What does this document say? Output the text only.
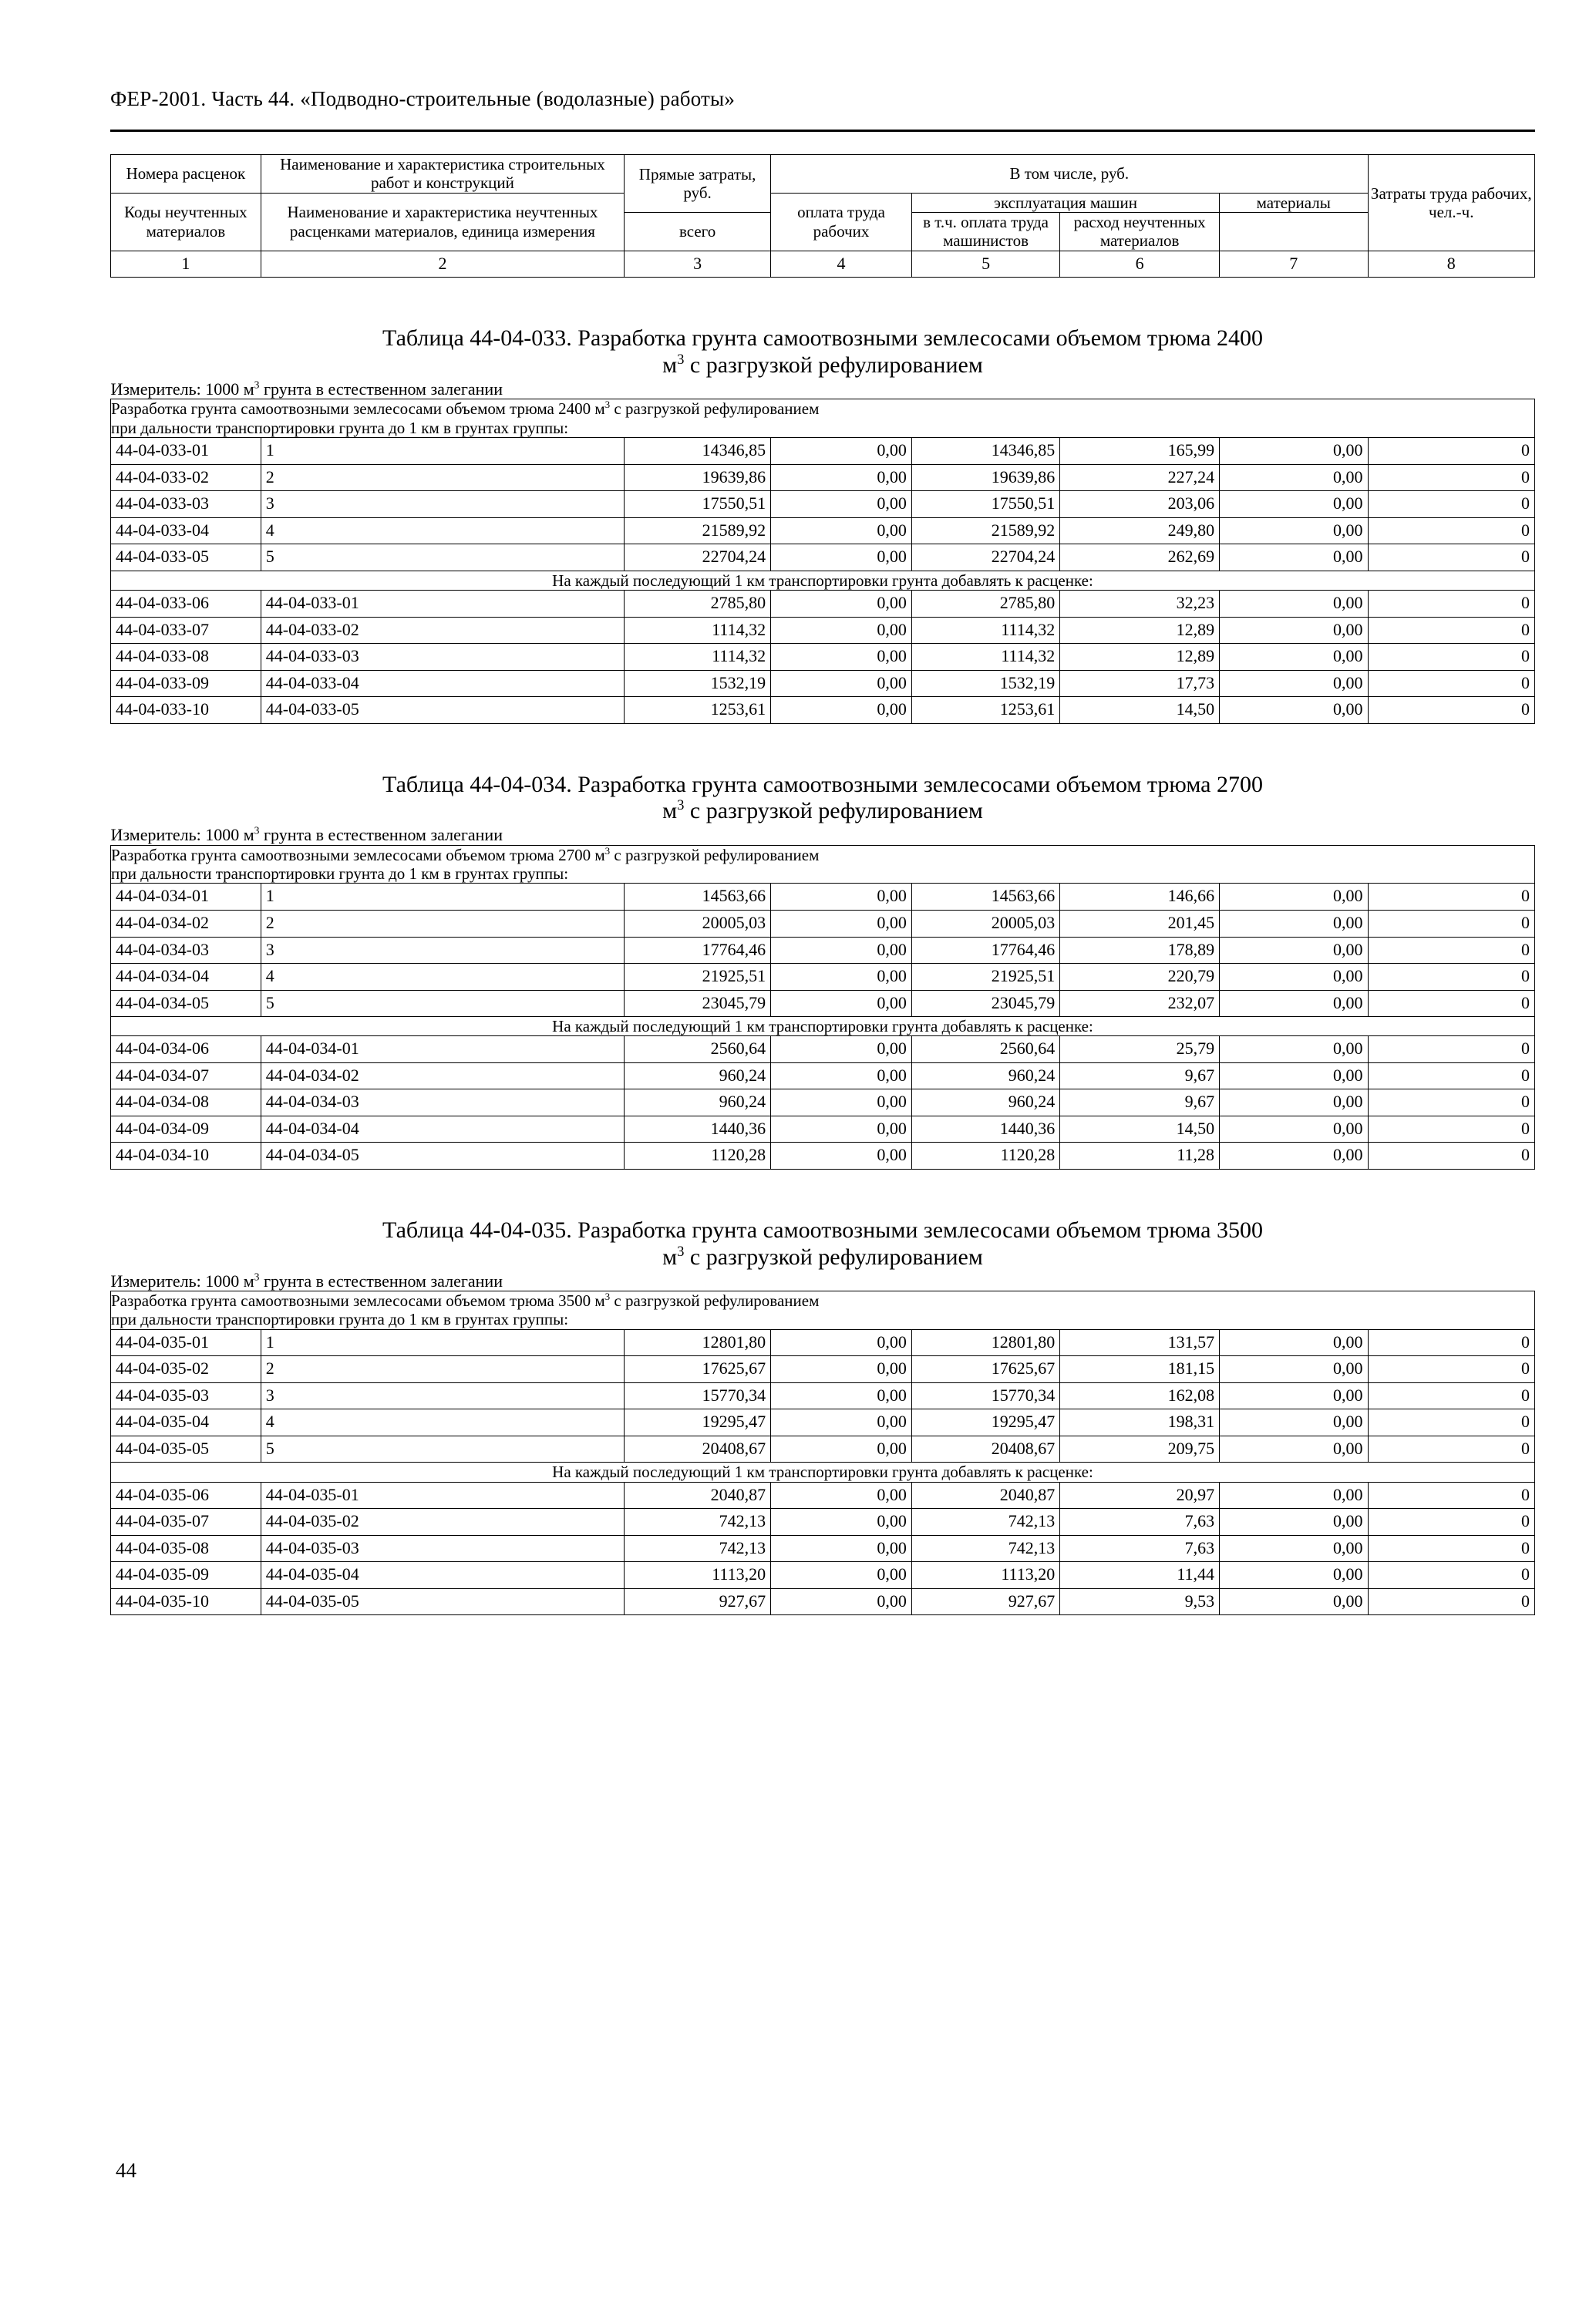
ФЕР-2001. Часть 44. «Подводно-строительные (водолазные) работы»
Номера расценок	Наименование и характеристика строительных работ и конструкций	Прямые затраты, руб.	В том числе, руб.				Затраты труда рабочих, чел.-ч.
Коды неучтенных материалов	Наименование и характеристика неучтенных расценками материалов, единица измерения		оплата труда рабочих	эксплуатация машин		материалы	
		всего		в т.ч. оплата труда машинистов	расход неучтенных материалов		
1	2	3	4	5	6	7	8

Таблица 44-04-033. Разработка грунта самоотвозными землесосами объемом трюма 2400
$м^3$ с разгрузкой рефулированием							

Измеритель: 1000 $м^3$ грунта в естественном залегании							
Разработка грунта самоотвозными землесосами объемом трюма 2400 $м^3$ с разгрузкой рефулированием
при дальности транспортировки грунта до 1 км в грунтах группы:							

44-04-033-01	1	14346,85	0,00	14346,85	165,99	0,00	0
44-04-033-02	2	19639,86	0,00	19639,86	227,24	0,00	0
44-04-033-03	3	17550,51	0,00	17550,51	203,06	0,00	0
44-04-033-04	4	21589,92	0,00	21589,92	249,80	0,00	0
44-04-033-05	5	22704,24	0,00	22704,24	262,69	0,00	0
На каждый последующий 1 км транспортировки грунта добавлять к расценке:							
44-04-033-06	44-04-033-01	2785,80	0,00	2785,80	32,23	0,00	0
44-04-033-07	44-04-033-02	1114,32	0,00	1114,32	12,89	0,00	0
44-04-033-08	44-04-033-03	1114,32	0,00	1114,32	12,89	0,00	0
44-04-033-09	44-04-033-04	1532,19	0,00	1532,19	17,73	0,00	0
44-04-033-10	44-04-033-05	1253,61	0,00	1253,61	14,50	0,00	0

Таблица 44-04-034. Разработка грунта самоотвозными землесосами объемом трюма 2700
$м^3$ с разгрузкой рефулированием							

Измеритель: 1000 $м^3$ грунта в естественном залегании							
Разработка грунта самоотвозными землесосами объемом трюма 2700 $м^3$ с разгрузкой рефулированием
при дальности транспортировки грунта до 1 км в грунтах группы:							

44-04-034-01	1	14563,66	0,00	14563,66	146,66	0,00	0
44-04-034-02	2	20005,03	0,00	20005,03	201,45	0,00	0
44-04-034-03	3	17764,46	0,00	17764,46	178,89	0,00	0
44-04-034-04	4	21925,51	0,00	21925,51	220,79	0,00	0
44-04-034-05	5	23045,79	0,00	23045,79	232,07	0,00	0
На каждый последующий 1 км транспортировки грунта добавлять к расценке:							
44-04-034-06	44-04-034-01	2560,64	0,00	2560,64	25,79	0,00	0
44-04-034-07	44-04-034-02	960,24	0,00	960,24	9,67	0,00	0
44-04-034-08	44-04-034-03	960,24	0,00	960,24	9,67	0,00	0
44-04-034-09	44-04-034-04	1440,36	0,00	1440,36	14,50	0,00	0
44-04-034-10	44-04-034-05	1120,28	0,00	1120,28	11,28	0,00	0

Таблица 44-04-035. Разработка грунта самоотвозными землесосами объемом трюма 3500
$м^3$ с разгрузкой рефулированием							

Измеритель: 1000 $м^3$ грунта в естественном залегании							
Разработка грунта самоотвозными землесосами объемом трюма 3500 $м^3$ с разгрузкой рефулированием
при дальности транспортировки грунта до 1 км в грунтах группы:							

44-04-035-01	1	12801,80	0,00	12801,80	131,57	0,00	0
44-04-035-02	2	17625,67	0,00	17625,67	181,15	0,00	0
44-04-035-03	3	15770,34	0,00	15770,34	162,08	0,00	0
44-04-035-04	4	19295,47	0,00	19295,47	198,31	0,00	0
44-04-035-05	5	20408,67	0,00	20408,67	209,75	0,00	0
На каждый последующий 1 км транспортировки грунта добавлять к расценке:							
44-04-035-06	44-04-035-01	2040,87	0,00	2040,87	20,97	0,00	0
44-04-035-07	44-04-035-02	742,13	0,00	742,13	7,63	0,00	0
44-04-035-08	44-04-035-03	742,13	0,00	742,13	7,63	0,00	0
44-04-035-09	44-04-035-04	1113,20	0,00	1113,20	11,44	0,00	0
44-04-035-10	44-04-035-05	927,67	0,00	927,67	9,53	0,00	0
44
